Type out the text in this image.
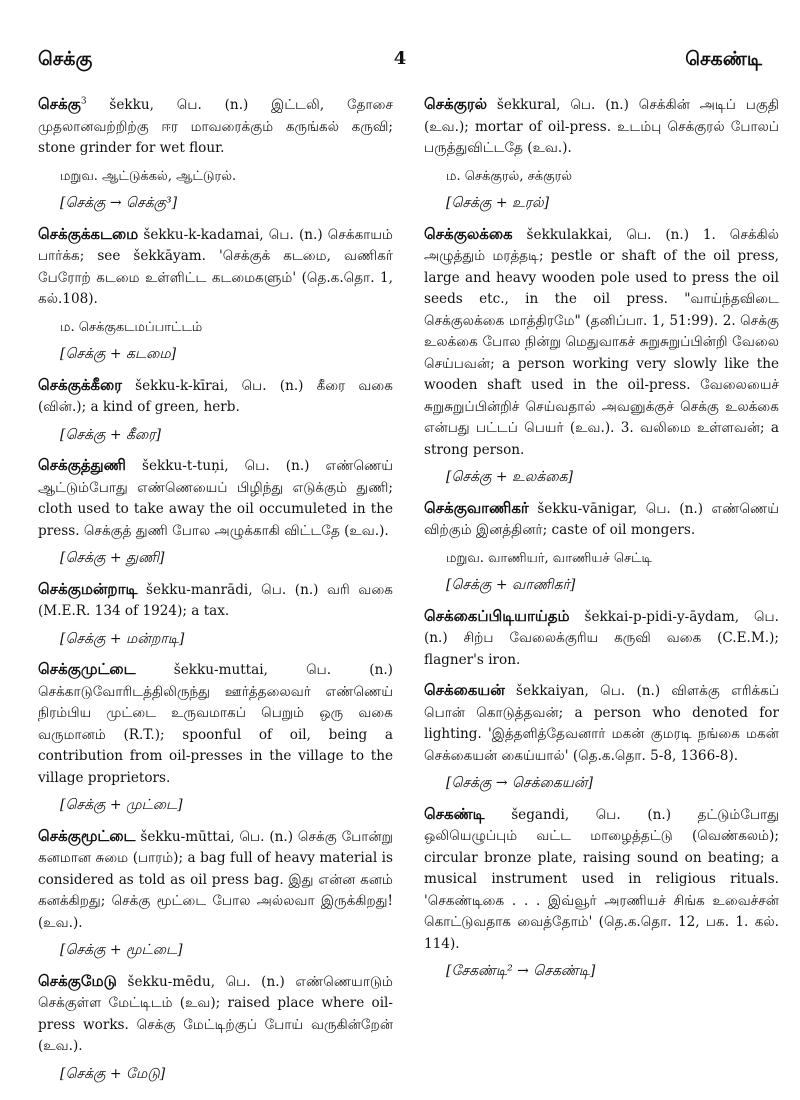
செக்கு	4	செகண்டி

செக்கு$^3$ šekku, பெ. (n.) இட்டலி, தோசை முதலானவற்றிற்கு ஈர மாவரைக்கும் கருங்கல் கருவி; stone grinder for wet flour.

மறுவ. ஆட்டுக்கல், ஆட்டுரல்.
[செக்கு → செக்கு³]

செக்குக்கடமை šekku-k-kadamai, பெ. (n.) செக்காயம் பார்க்க; see šekkāyam. 'செக்குக் கடமை, வணிகர் பேரோற் கடமை உள்ளிட்ட கடமைகளும்' (தெ.க.தொ. 1, கல்.108).

ம. செக்குகடமப்பாட்டம்
[செக்கு + கடமை]

செக்குக்கீரை šekku-k-kīrai, பெ. (n.) கீரை வகை (வின்.); a kind of green, herb.

[செக்கு + கீரை]

செக்குத்துணி šekku-t-tuņi, பெ. (n.) எண்ணெய் ஆட்டும்போது எண்ணெயைப் பிழிந்து எடுக்கும் துணி; cloth used to take away the oil occumuleted in the press. செக்குத் துணி போல அழுக்காகி விட்டதே (உவ.).

[செக்கு + துணி]

செக்குமன்றாடி šekku-manrādi, பெ. (n.) வரி வகை (M.E.R. 134 of 1924); a tax.

[செக்கு + மன்றாடி]

செக்குமுட்டை šekku-muttai, பெ. (n.) செக்காடுவோரிடத்திலிருந்து ஊர்த்தலைவர் எண்ணெய் நிரம்பிய முட்டை உருவமாகப் பெறும் ஒரு வகை வருமானம் (R.T.); spoonful of oil, being a contribution from oil-presses in the village to the village proprietors.

[செக்கு + முட்டை]

செக்குமூட்டை šekku-mūttai, பெ. (n.) செக்கு போன்று கனமான சுமை (பாரம்); a bag full of heavy material is considered as told as oil press bag. இது என்ன கனம் கனக்கிறது; செக்கு மூட்டை போல அல்லவா இருக்கிறது! (உவ.).

[செக்கு + மூட்டை]

செக்குமேடு šekku-mēdu, பெ. (n.) எண்ணெயாடும் செக்குள்ள மேட்டிடம் (உவ); raised place where oil-press works. செக்கு மேட்டிற்குப் போய் வருகின்றேன் (உவ.).

[செக்கு + மேடு]

செக்குரல் šekkural, பெ. (n.) செக்கின் அடிப் பகுதி (உவ.); mortar of oil-press. உடம்பு செக்குரல் போலப் பருத்துவிட்டதே (உவ.).

ம. செக்குரல், சக்குரல்
[செக்கு + உரல்]

செக்குலக்கை šekkulakkai, பெ. (n.) 1. செக்கில் அழுத்தும் மரத்தடி; pestle or shaft of the oil press, large and heavy wooden pole used to press the oil seeds etc., in the oil press. "வாய்ந்தவிடை செக்குலக்கை மாத்திரமே" (தனிப்பா. 1, 51:99). 2. செக்கு உலக்கை போல நின்று மெதுவாகச் சுறுசுறுப்பின்றி வேலை செய்பவன்; a person working very slowly like the wooden shaft used in the oil-press. வேலையைச் சுறுசுறுப்பின்றிச் செய்வதால் அவனுக்குச் செக்கு உலக்கை என்பது பட்டப் பெயர் (உவ.). 3. வலிமை உள்ளவன்; a strong person.

[செக்கு + உலக்கை]

செக்குவாணிகர் šekku-vānigar, பெ. (n.) எண்ணெய் விற்கும் இனத்தினர்; caste of oil mongers.

மறுவ. வாணியர், வாணியச் செட்டி
[செக்கு + வாணிகர்]

செக்கைப்பிடியாய்தம் šekkai-p-pidi-y-āydam, பெ. (n.) சிற்ப வேலைக்குரிய கருவி வகை (C.E.M.); flagner's iron.

செக்கையன் šekkaiyan, பெ. (n.) விளக்கு எரிக்கப் பொன் கொடுத்தவன்; a person who denoted for lighting. 'இத்தளித்தேவனார் மகன் குமரடி நங்கை மகன் செக்கையன் கைய்யால்' (தெ.க.தொ. 5-8, 1366-8).

[செக்கு → செக்கையன்]

செகண்டி šegandi, பெ. (n.) தட்டும்போது ஒலியெழுப்பும் வட்ட மாழைத்தட்டு (வெண்கலம்); circular bronze plate, raising sound on beating; a musical instrument used in religious rituals. 'செகண்டிகை . . . இவ்வூர் அரணியச் சிங்க உவைச்சன் கொட்டுவதாக வைத்தோம்' (தெ.க.தொ. 12, பக. 1. கல். 114).

[சேகண்டி² → செகண்டி]
